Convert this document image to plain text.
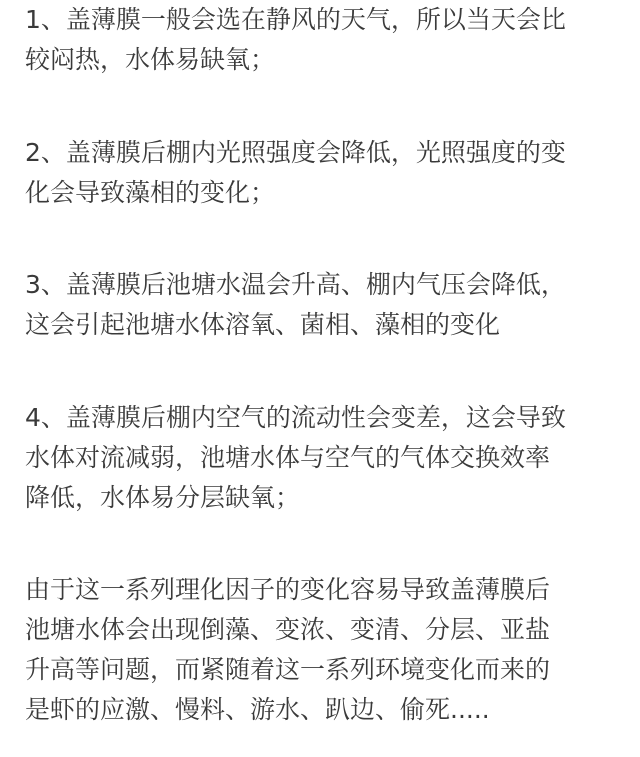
1、盖薄膜一般会选在静风的天气，所以当天会比
较闷热，水体易缺氧；
2、盖薄膜后棚内光照强度会降低，光照强度的变
化会导致藻相的变化；
3、盖薄膜后池塘水温会升高、棚内气压会降低，
这会引起池塘水体溶氧、菌相、藻相的变化
4、盖薄膜后棚内空气的流动性会变差，这会导致
水体对流减弱，池塘水体与空气的气体交换效率
降低，水体易分层缺氧；
由于这一系列理化因子的变化容易导致盖薄膜后
池塘水体会出现倒藻、变浓、变清、分层、亚盐
升高等问题，而紧随着这一系列环境变化而来的
是虾的应激、慢料、游水、趴边、偷死.....
